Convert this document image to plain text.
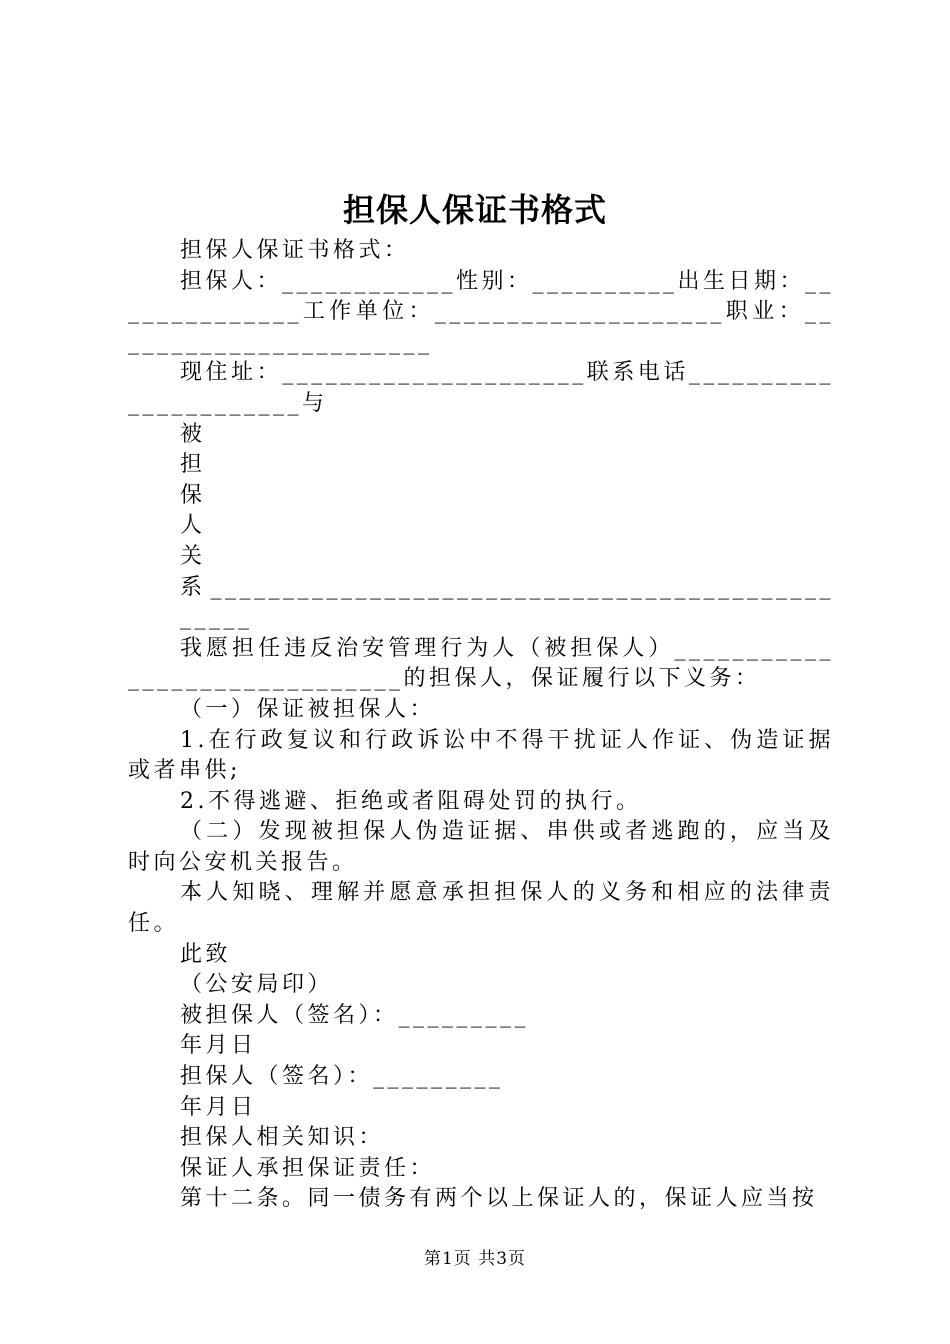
担保人保证书格式

担保人保证书格式：

担保人：____________性别：__________出生日期：______________工作单位：____________________职业：_______________________

现住址：_____________________联系电话______________________与

被

担

保

人

关

系________________________________________________

我愿担任违反治安管理行为人（被担保人）______________________________的担保人，保证履行以下义务：

（一）保证被担保人：

1.在行政复议和行政诉讼中不得干扰证人作证、伪造证据或者串供;

2.不得逃避、拒绝或者阻碍处罚的执行。

（二）发现被担保人伪造证据、串供或者逃跑的，应当及时向公安机关报告。

本人知晓、理解并愿意承担担保人的义务和相应的法律责任。

此致

（公安局印）

被担保人（签名）：_________

年月日

担保人（签名）：_________

年月日

担保人相关知识：

保证人承担保证责任：

第十二条。同一债务有两个以上保证人的，保证人应当按

第1页 共3页
